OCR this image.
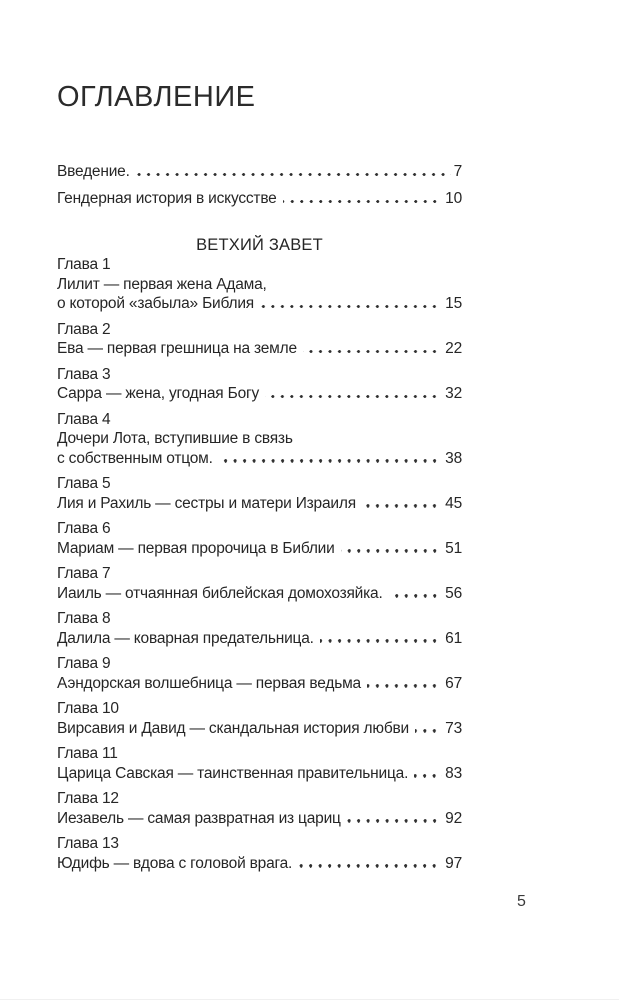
ОГЛАВЛЕНИЕ
Введение.	7
Гендерная история в искусстве	10
ВЕТХИЙ ЗАВЕТ
Глава 1
Лилит — первая жена Адама,
о которой «забыла» Библия	15
Глава 2
Ева — первая грешница на земле	22
Глава 3
Сарра — жена, угодная Богу	32
Глава 4
Дочери Лота, вступившие в связь
с собственным отцом.	38
Глава 5
Лия и Рахиль — сестры и матери Израиля	45
Глава 6
Мариам — первая пророчица в Библии	51
Глава 7
Иаиль — отчаянная библейская домохозяйка.	56
Глава 8
Далила — коварная предательница.	61
Глава 9
Аэндорская волшебница — первая ведьма	67
Глава 10
Вирсавия и Давид — скандальная история любви 73
Глава 11
Царица Савская — таинственная правительница. 83
Глава 12
Иезавель — самая развратная из цариц	92
Глава 13
Юдифь — вдова с головой врага.	97
5
